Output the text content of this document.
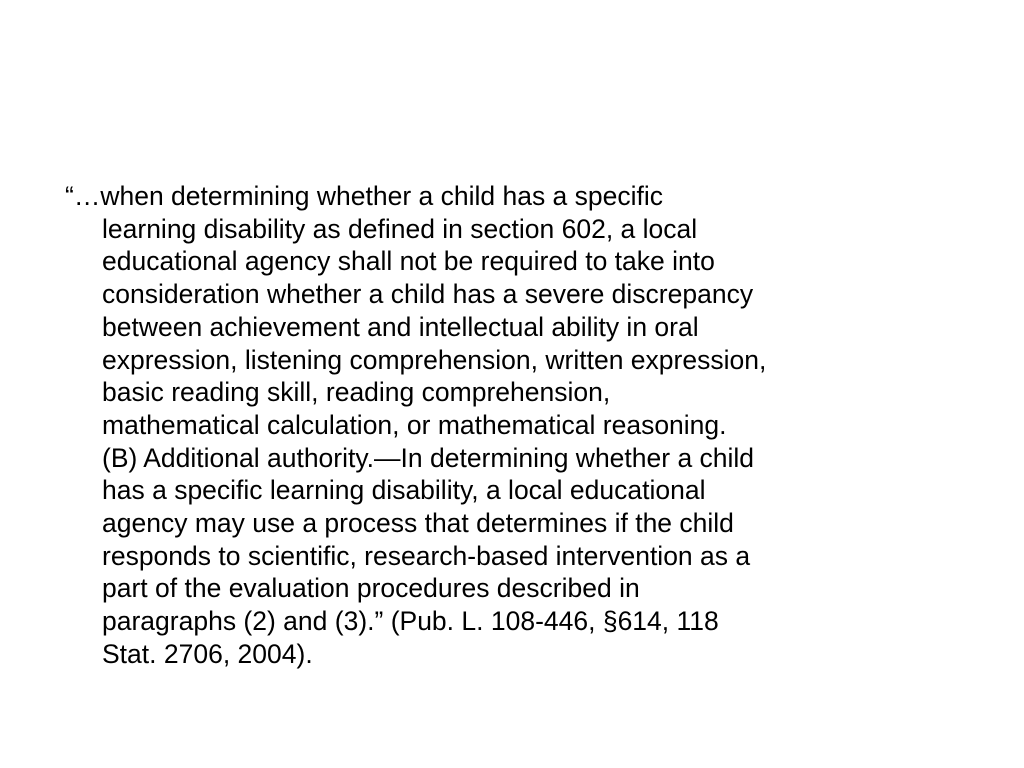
“…when determining whether a child has a specific
learning disability as defined in section 602, a local
educational agency shall not be required to take into
consideration whether a child has a severe discrepancy
between achievement and intellectual ability in oral
expression, listening comprehension, written expression,
basic reading skill, reading comprehension,
mathematical calculation, or mathematical reasoning.
(B) Additional authority.—In determining whether a child
has a specific learning disability, a local educational
agency may use a process that determines if the child
responds to scientific, research-based intervention as a
part of the evaluation procedures described in
paragraphs (2) and (3).” (Pub. L. 108-446, §614, 118
Stat. 2706, 2004).
